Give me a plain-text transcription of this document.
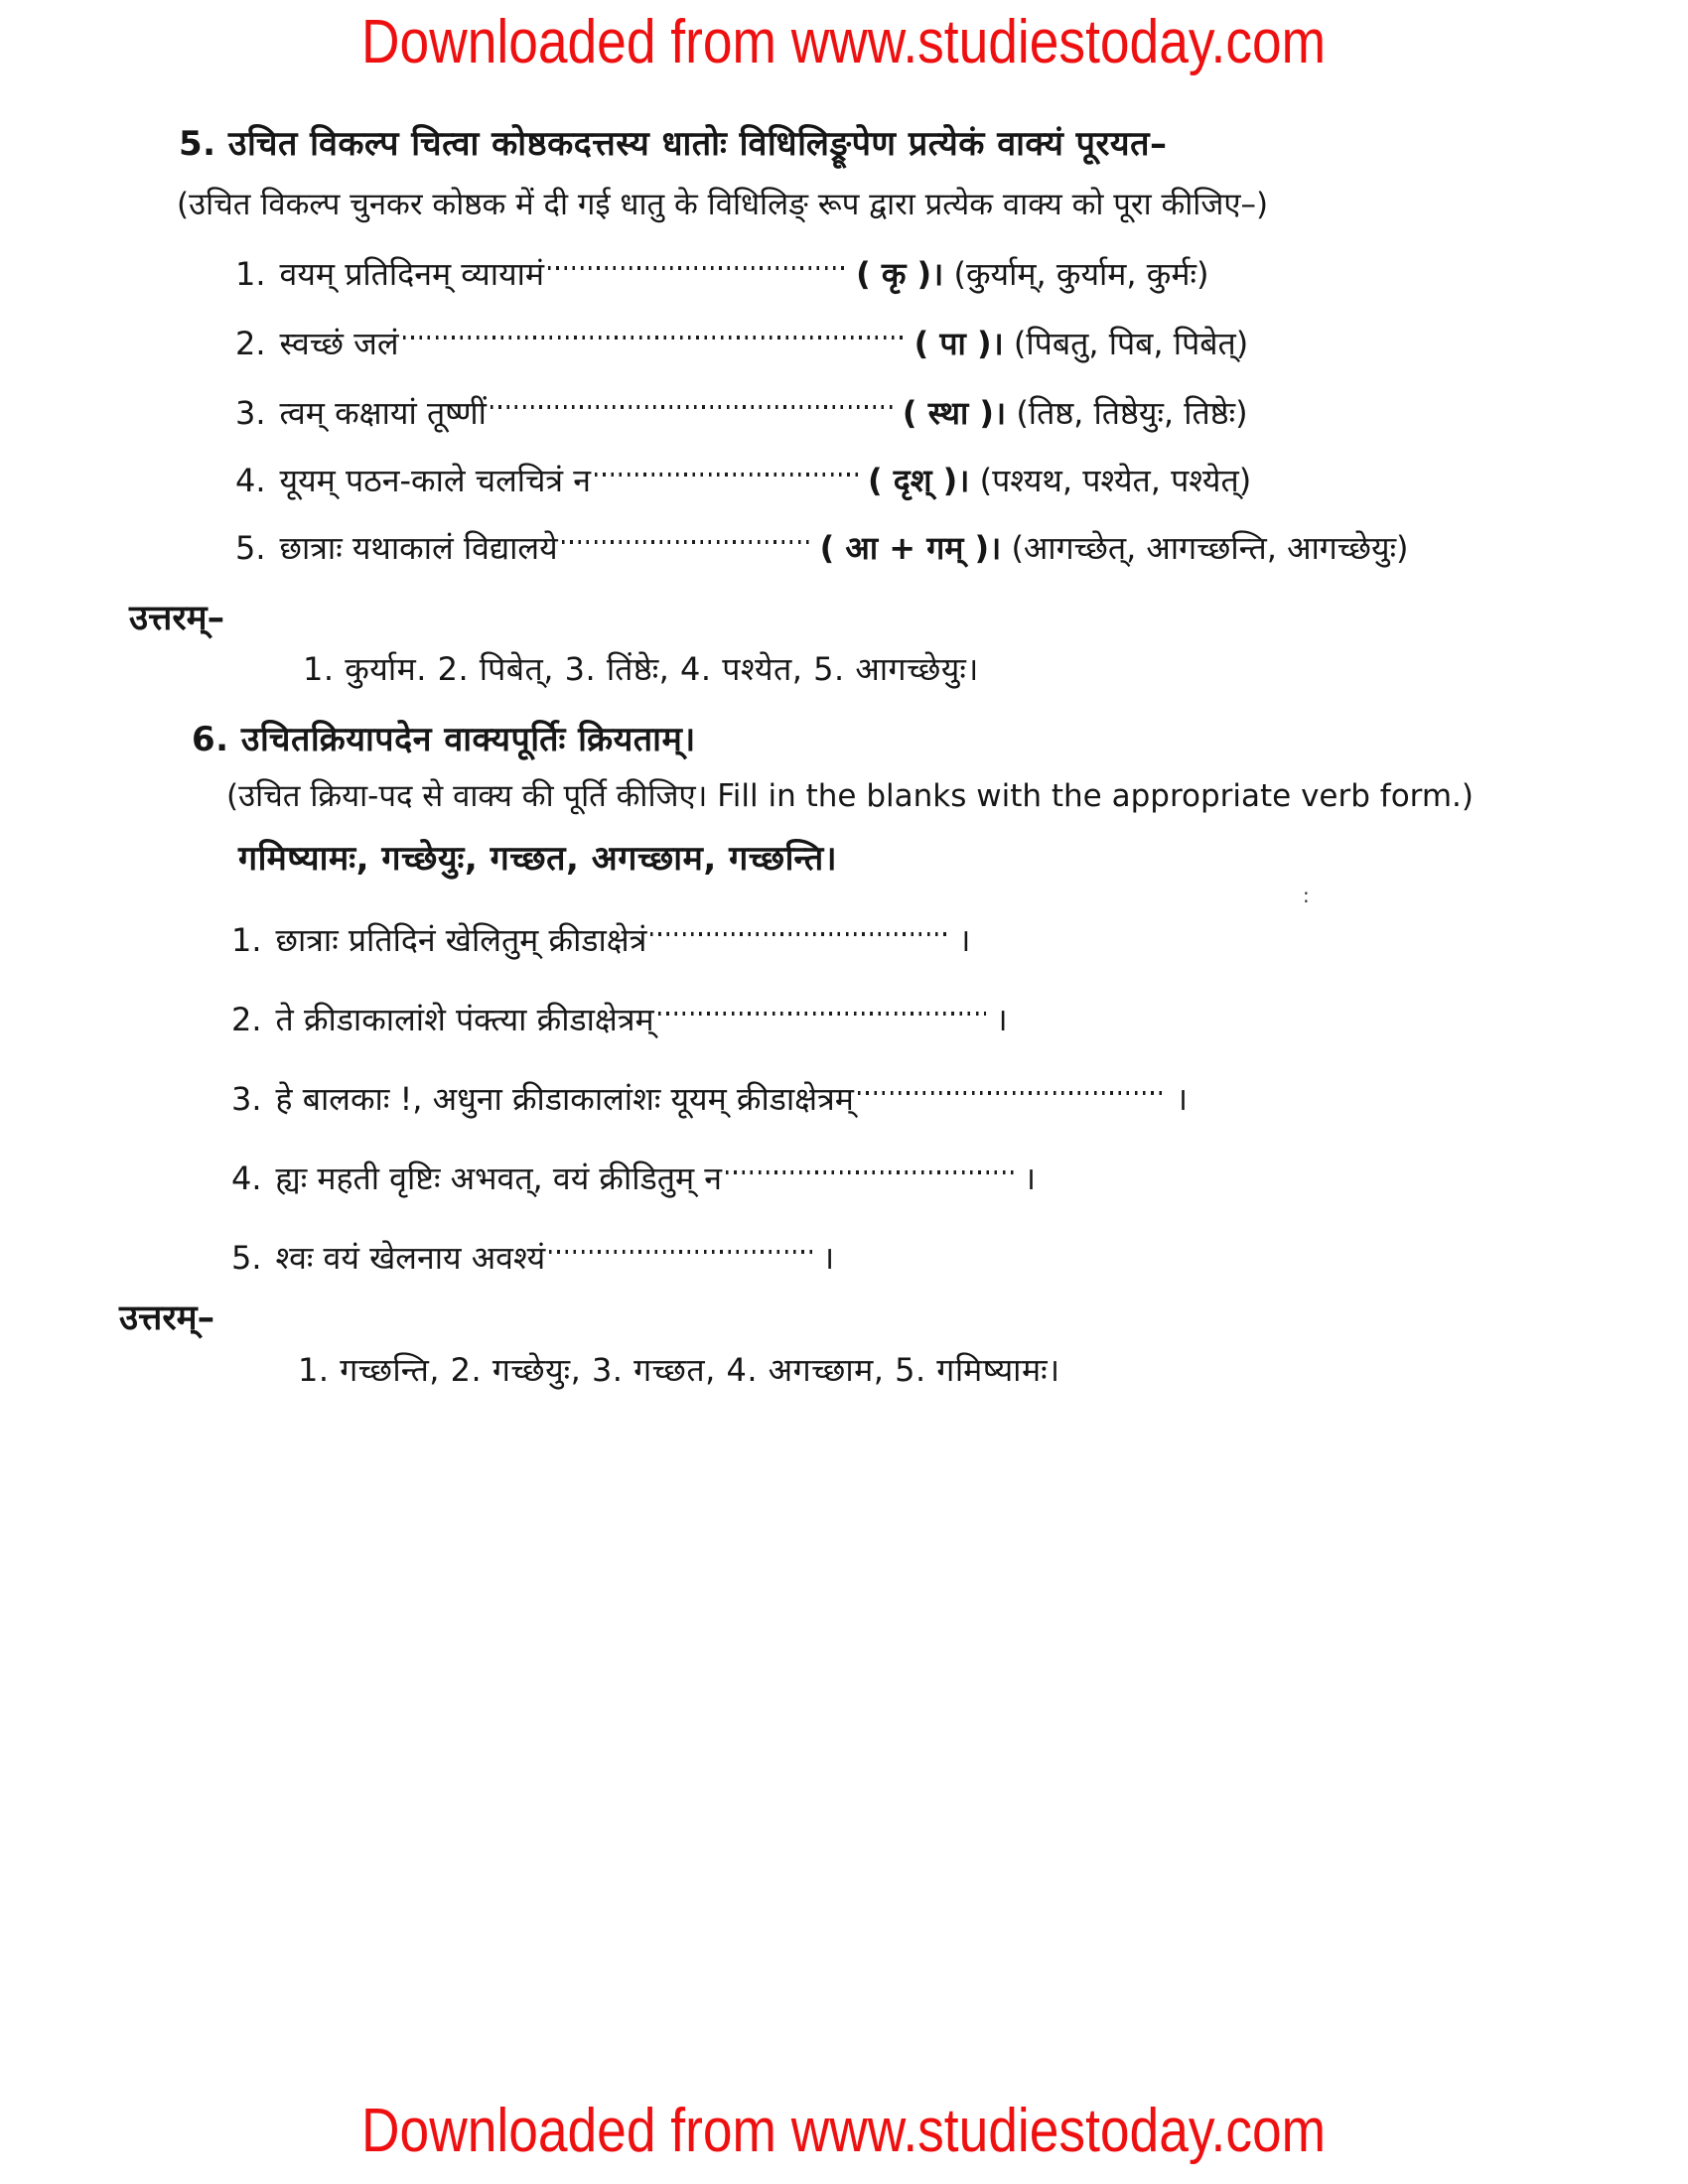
Downloaded from www.studiestoday.com
5. उचित विकल्प चित्वा कोष्ठकदत्तस्य धातोः विधिलिङ्रूपेण प्रत्येकं वाक्यं पूरयत–
(उचित विकल्प चुनकर कोष्ठक में दी गई धातु के विधिलिङ् रूप द्वारा प्रत्येक वाक्य को पूरा कीजिए–)
1. वयम् प्रतिदिनम् व्यायामं	( कृ )। (कुर्याम्, कुर्याम, कुर्मः)
2. स्वच्छं जलं	( पा )। (पिबतु, पिब, पिबेत्)
3. त्वम् कक्षायां तूष्णीं	( स्था )। (तिष्ठ, तिष्ठेयुः, तिष्ठेः)
4. यूयम् पठन-काले चलचित्रं न	( दृश् )। (पश्यथ, पश्येत, पश्येत्)
5. छात्राः यथाकालं विद्यालये	( आ + गम् )। (आगच्छेत्, आगच्छन्ति, आगच्छेयुः)
उत्तरम्–
1. कुर्याम. 2. पिबेत्, 3. तिंष्ठेः, 4. पश्येत, 5. आगच्छेयुः।
6. उचितक्रियापदेन वाक्यपूर्तिः क्रियताम्।
(उचित क्रिया-पद से वाक्य की पूर्ति कीजिए। Fill in the blanks with the appropriate verb form.)
गमिष्यामः, गच्छेयुः, गच्छत, अगच्छाम, गच्छन्ति।
1. छात्राः प्रतिदिनं खेलितुम् क्रीडाक्षेत्रं	।
2. ते क्रीडाकालांशे पंक्त्या क्रीडाक्षेत्रम्	।
3. हे बालकाः !, अधुना क्रीडाकालांशः यूयम् क्रीडाक्षेत्रम्	।
4. ह्यः महती वृष्टिः अभवत्, वयं क्रीडितुम् न	।
5. श्वः वयं खेलनाय अवश्यं	।
उत्तरम्–
1. गच्छन्ति, 2. गच्छेयुः, 3. गच्छत, 4. अगच्छाम, 5. गमिष्यामः।
:
Downloaded from www.studiestoday.com
